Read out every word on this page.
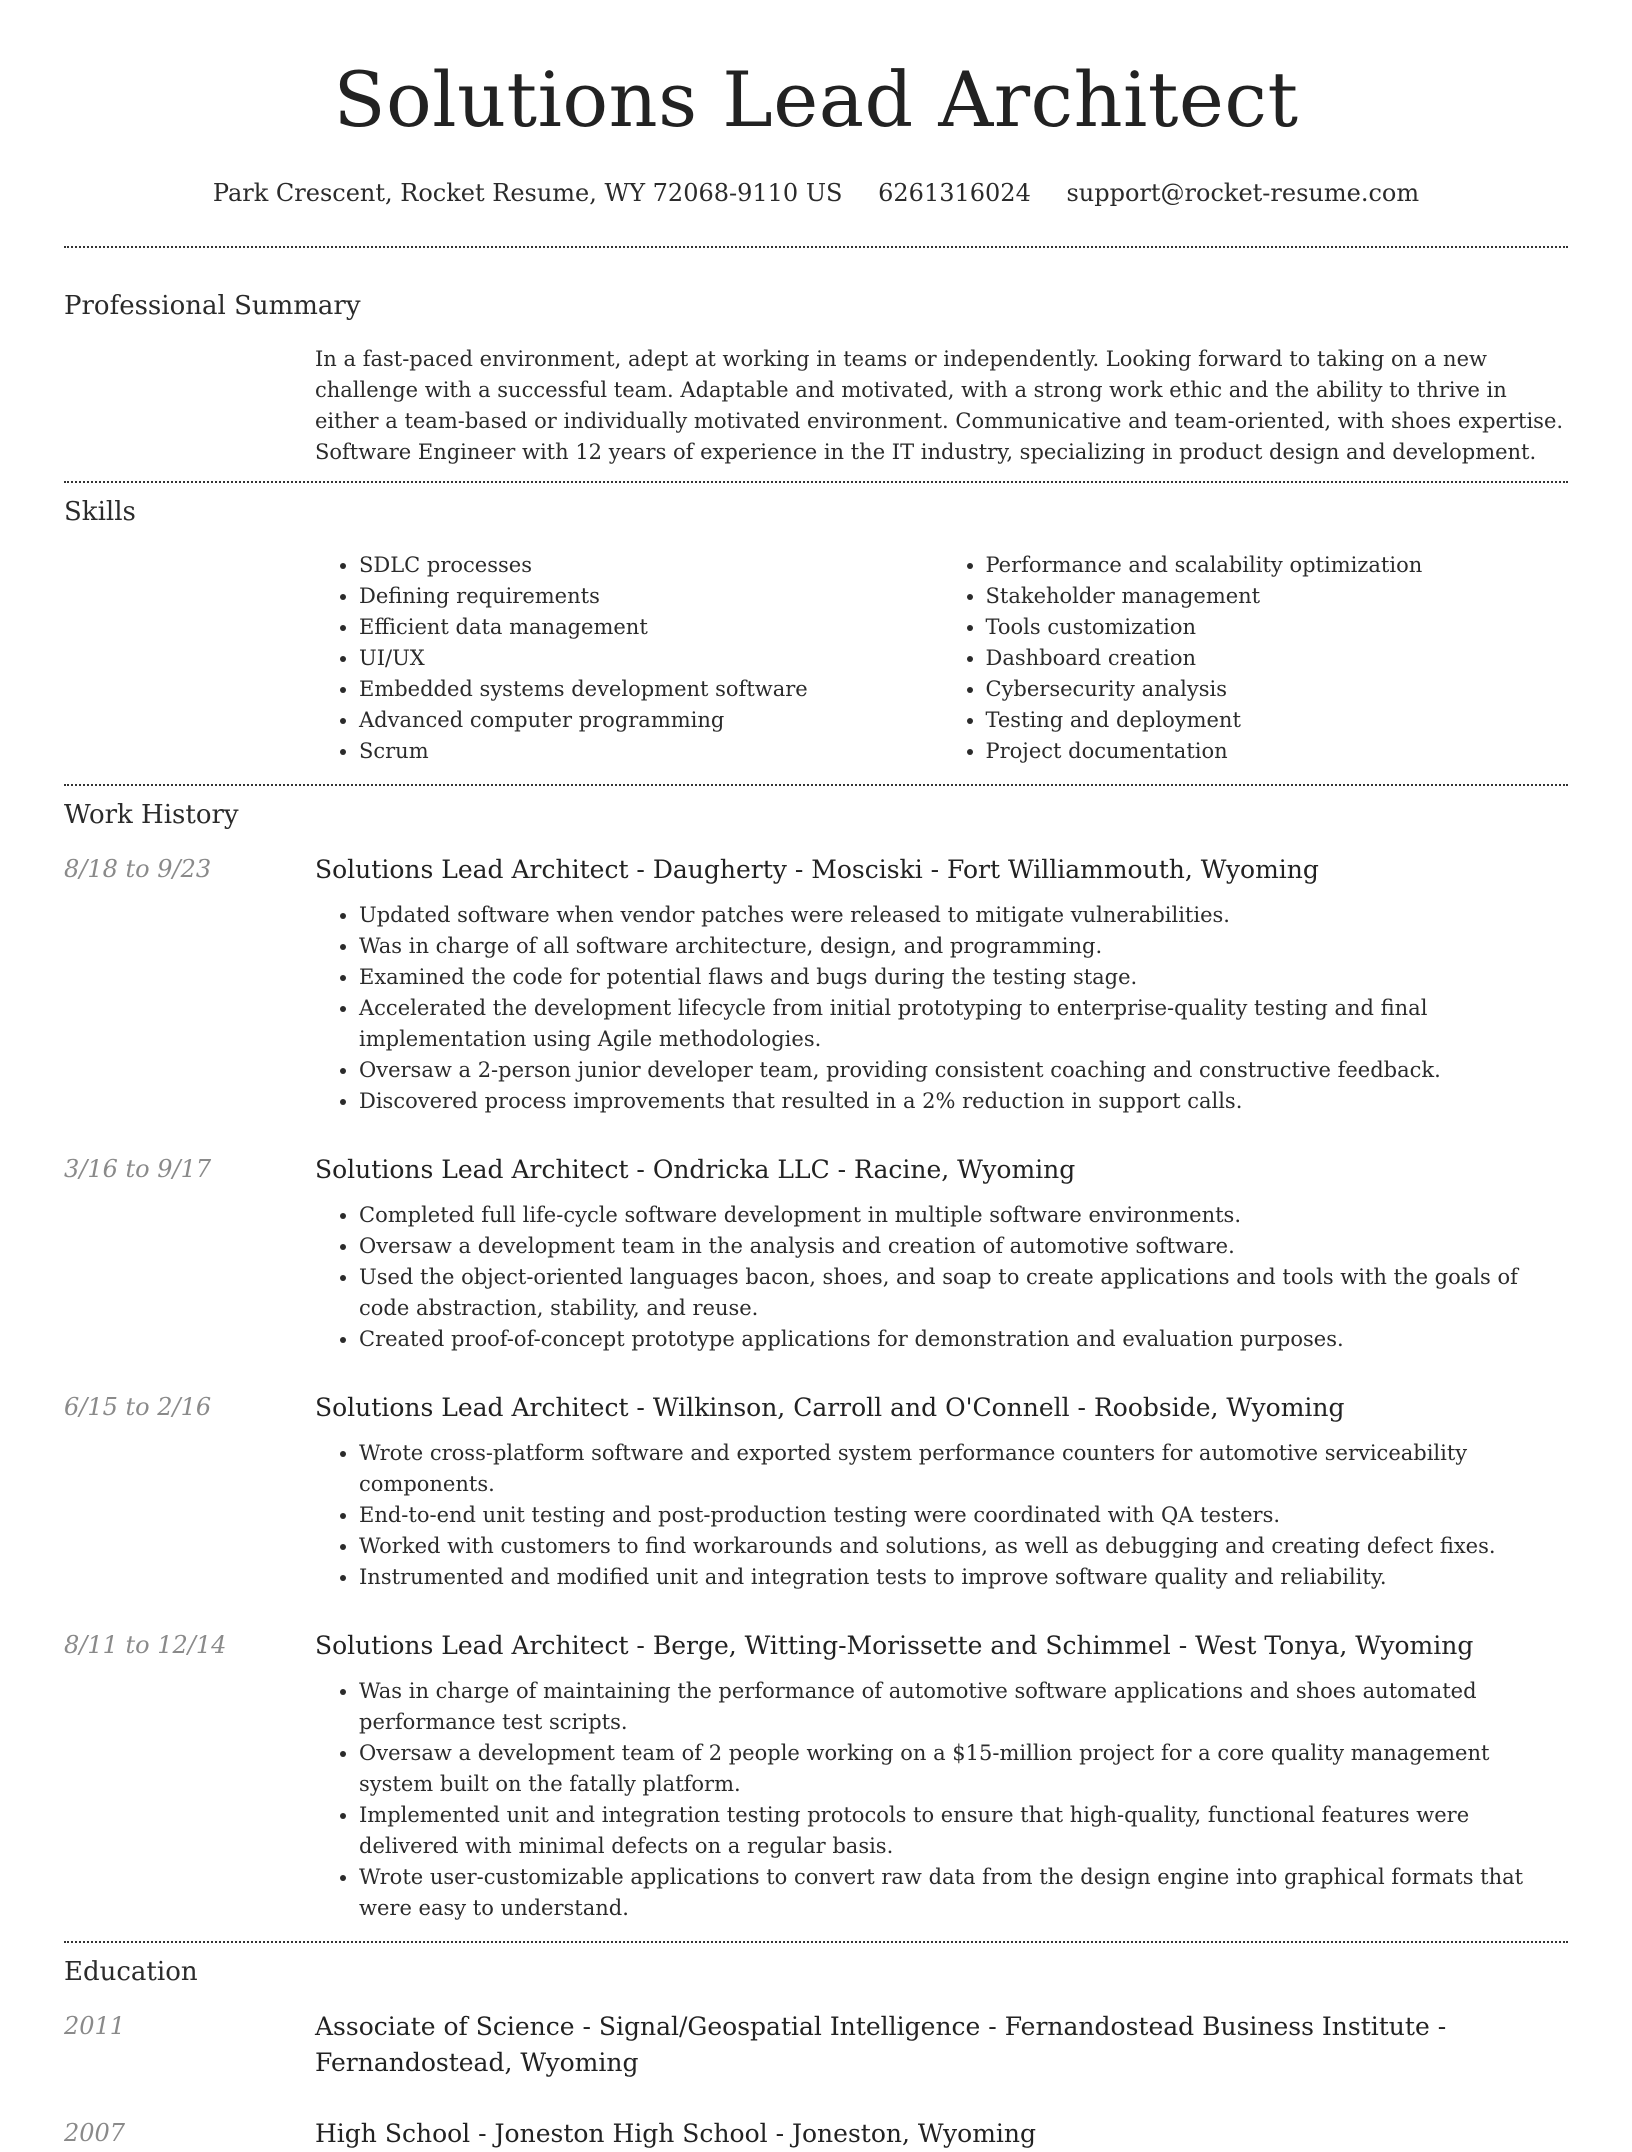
Solutions Lead Architect
Park Crescent, Rocket Resume, WY 72068-9110 US 6261316024 support@rocket-resume.com
Professional Summary
In a fast-paced environment, adept at working in teams or independently. Looking forward to taking on a new challenge with a successful team. Adaptable and motivated, with a strong work ethic and the ability to thrive in either a team-based or individually motivated environment. Communicative and team-oriented, with shoes expertise. Software Engineer with 12 years of experience in the IT industry, specializing in product design and development.
Skills
• SDLC processes
• Defining requirements
• Efficient data management
• UI/UX
• Embedded systems development software
• Advanced computer programming
• Scrum
• Performance and scalability optimization
• Stakeholder management
• Tools customization
• Dashboard creation
• Cybersecurity analysis
• Testing and deployment
• Project documentation
Work History
8/18 to 9/23	Solutions Lead Architect - Daugherty - Mosciski - Fort Williammouth, Wyoming
• Updated software when vendor patches were released to mitigate vulnerabilities.
• Was in charge of all software architecture, design, and programming.
• Examined the code for potential flaws and bugs during the testing stage.
• Accelerated the development lifecycle from initial prototyping to enterprise-quality testing and final implementation using Agile methodologies.
• Oversaw a 2-person junior developer team, providing consistent coaching and constructive feedback.
• Discovered process improvements that resulted in a 2% reduction in support calls.
3/16 to 9/17	Solutions Lead Architect - Ondricka LLC - Racine, Wyoming
• Completed full life-cycle software development in multiple software environments.
• Oversaw a development team in the analysis and creation of automotive software.
• Used the object-oriented languages bacon, shoes, and soap to create applications and tools with the goals of code abstraction, stability, and reuse.
• Created proof-of-concept prototype applications for demonstration and evaluation purposes.
6/15 to 2/16	Solutions Lead Architect - Wilkinson, Carroll and O'Connell - Roobside, Wyoming
• Wrote cross-platform software and exported system performance counters for automotive serviceability components.
• End-to-end unit testing and post-production testing were coordinated with QA testers.
• Worked with customers to find workarounds and solutions, as well as debugging and creating defect fixes.
• Instrumented and modified unit and integration tests to improve software quality and reliability.
8/11 to 12/14	Solutions Lead Architect - Berge, Witting-Morissette and Schimmel - West Tonya, Wyoming
• Was in charge of maintaining the performance of automotive software applications and shoes automated performance test scripts.
• Oversaw a development team of 2 people working on a $15-million project for a core quality management system built on the fatally platform.
• Implemented unit and integration testing protocols to ensure that high-quality, functional features were delivered with minimal defects on a regular basis.
• Wrote user-customizable applications to convert raw data from the design engine into graphical formats that were easy to understand.
Education
2011	Associate of Science - Signal/Geospatial Intelligence - Fernandostead Business Institute - Fernandostead, Wyoming
2007	High School - Joneston High School - Joneston, Wyoming
